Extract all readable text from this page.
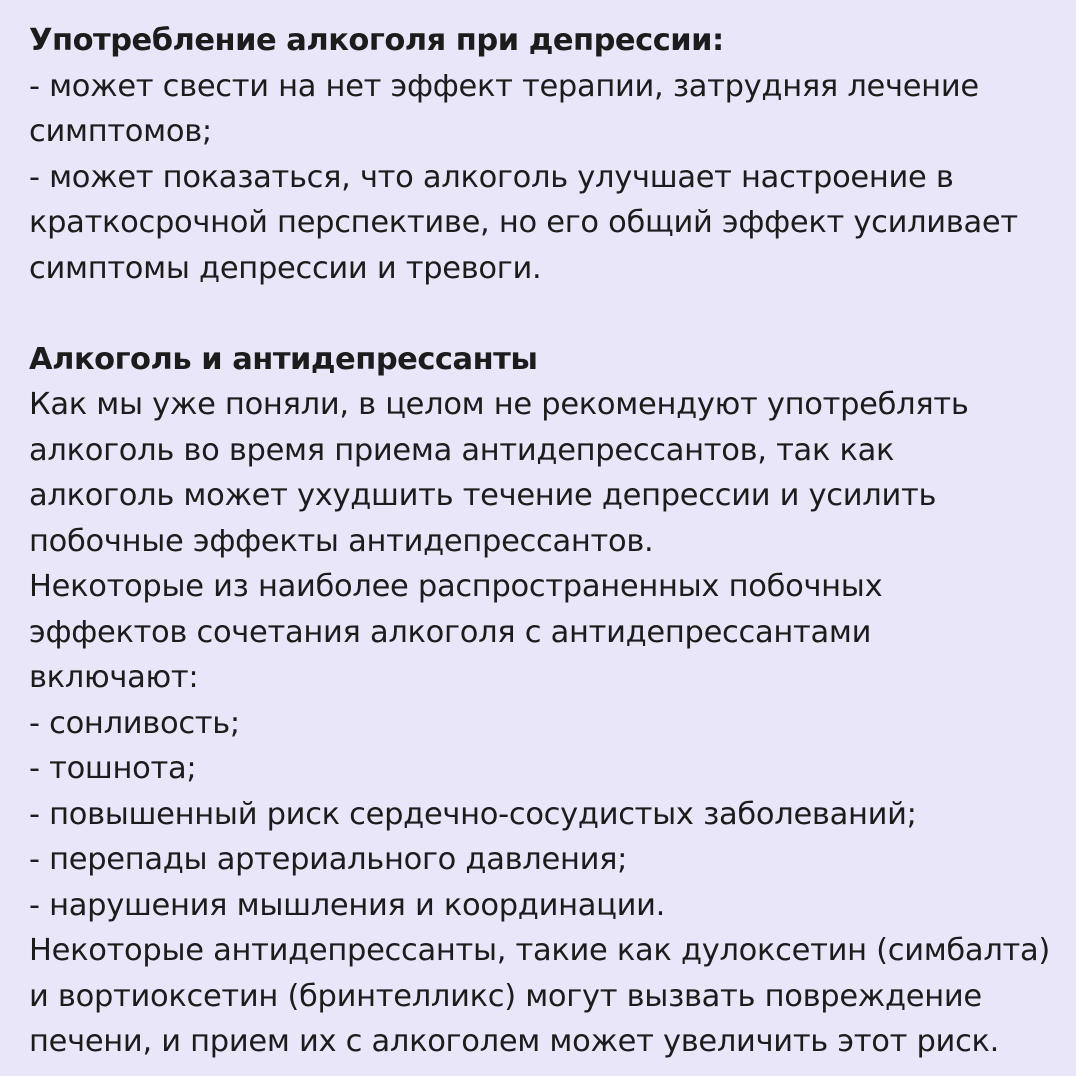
Употребление алкоголя при депрессии:
- может свести на нет эффект терапии, затрудняя лечение
симптомов;
- может показаться, что алкоголь улучшает настроение в
краткосрочной перспективе, но его общий эффект усиливает
симптомы депрессии и тревоги.
Алкоголь и антидепрессанты
Как мы уже поняли, в целом не рекомендуют употреблять
алкоголь во время приема антидепрессантов, так как
алкоголь может ухудшить течение депрессии и усилить
побочные эффекты антидепрессантов.
Некоторые из наиболее распространенных побочных
эффектов сочетания алкоголя с антидепрессантами
включают:
- сонливость;
- тошнота;
- повышенный риск сердечно-сосудистых заболеваний;
- перепады артериального давления;
- нарушения мышления и координации.
Некоторые антидепрессанты, такие как дулоксетин (симбалта)
и вортиоксетин (бринтелликс) могут вызвать повреждение
печени, и прием их с алкоголем может увеличить этот риск.
